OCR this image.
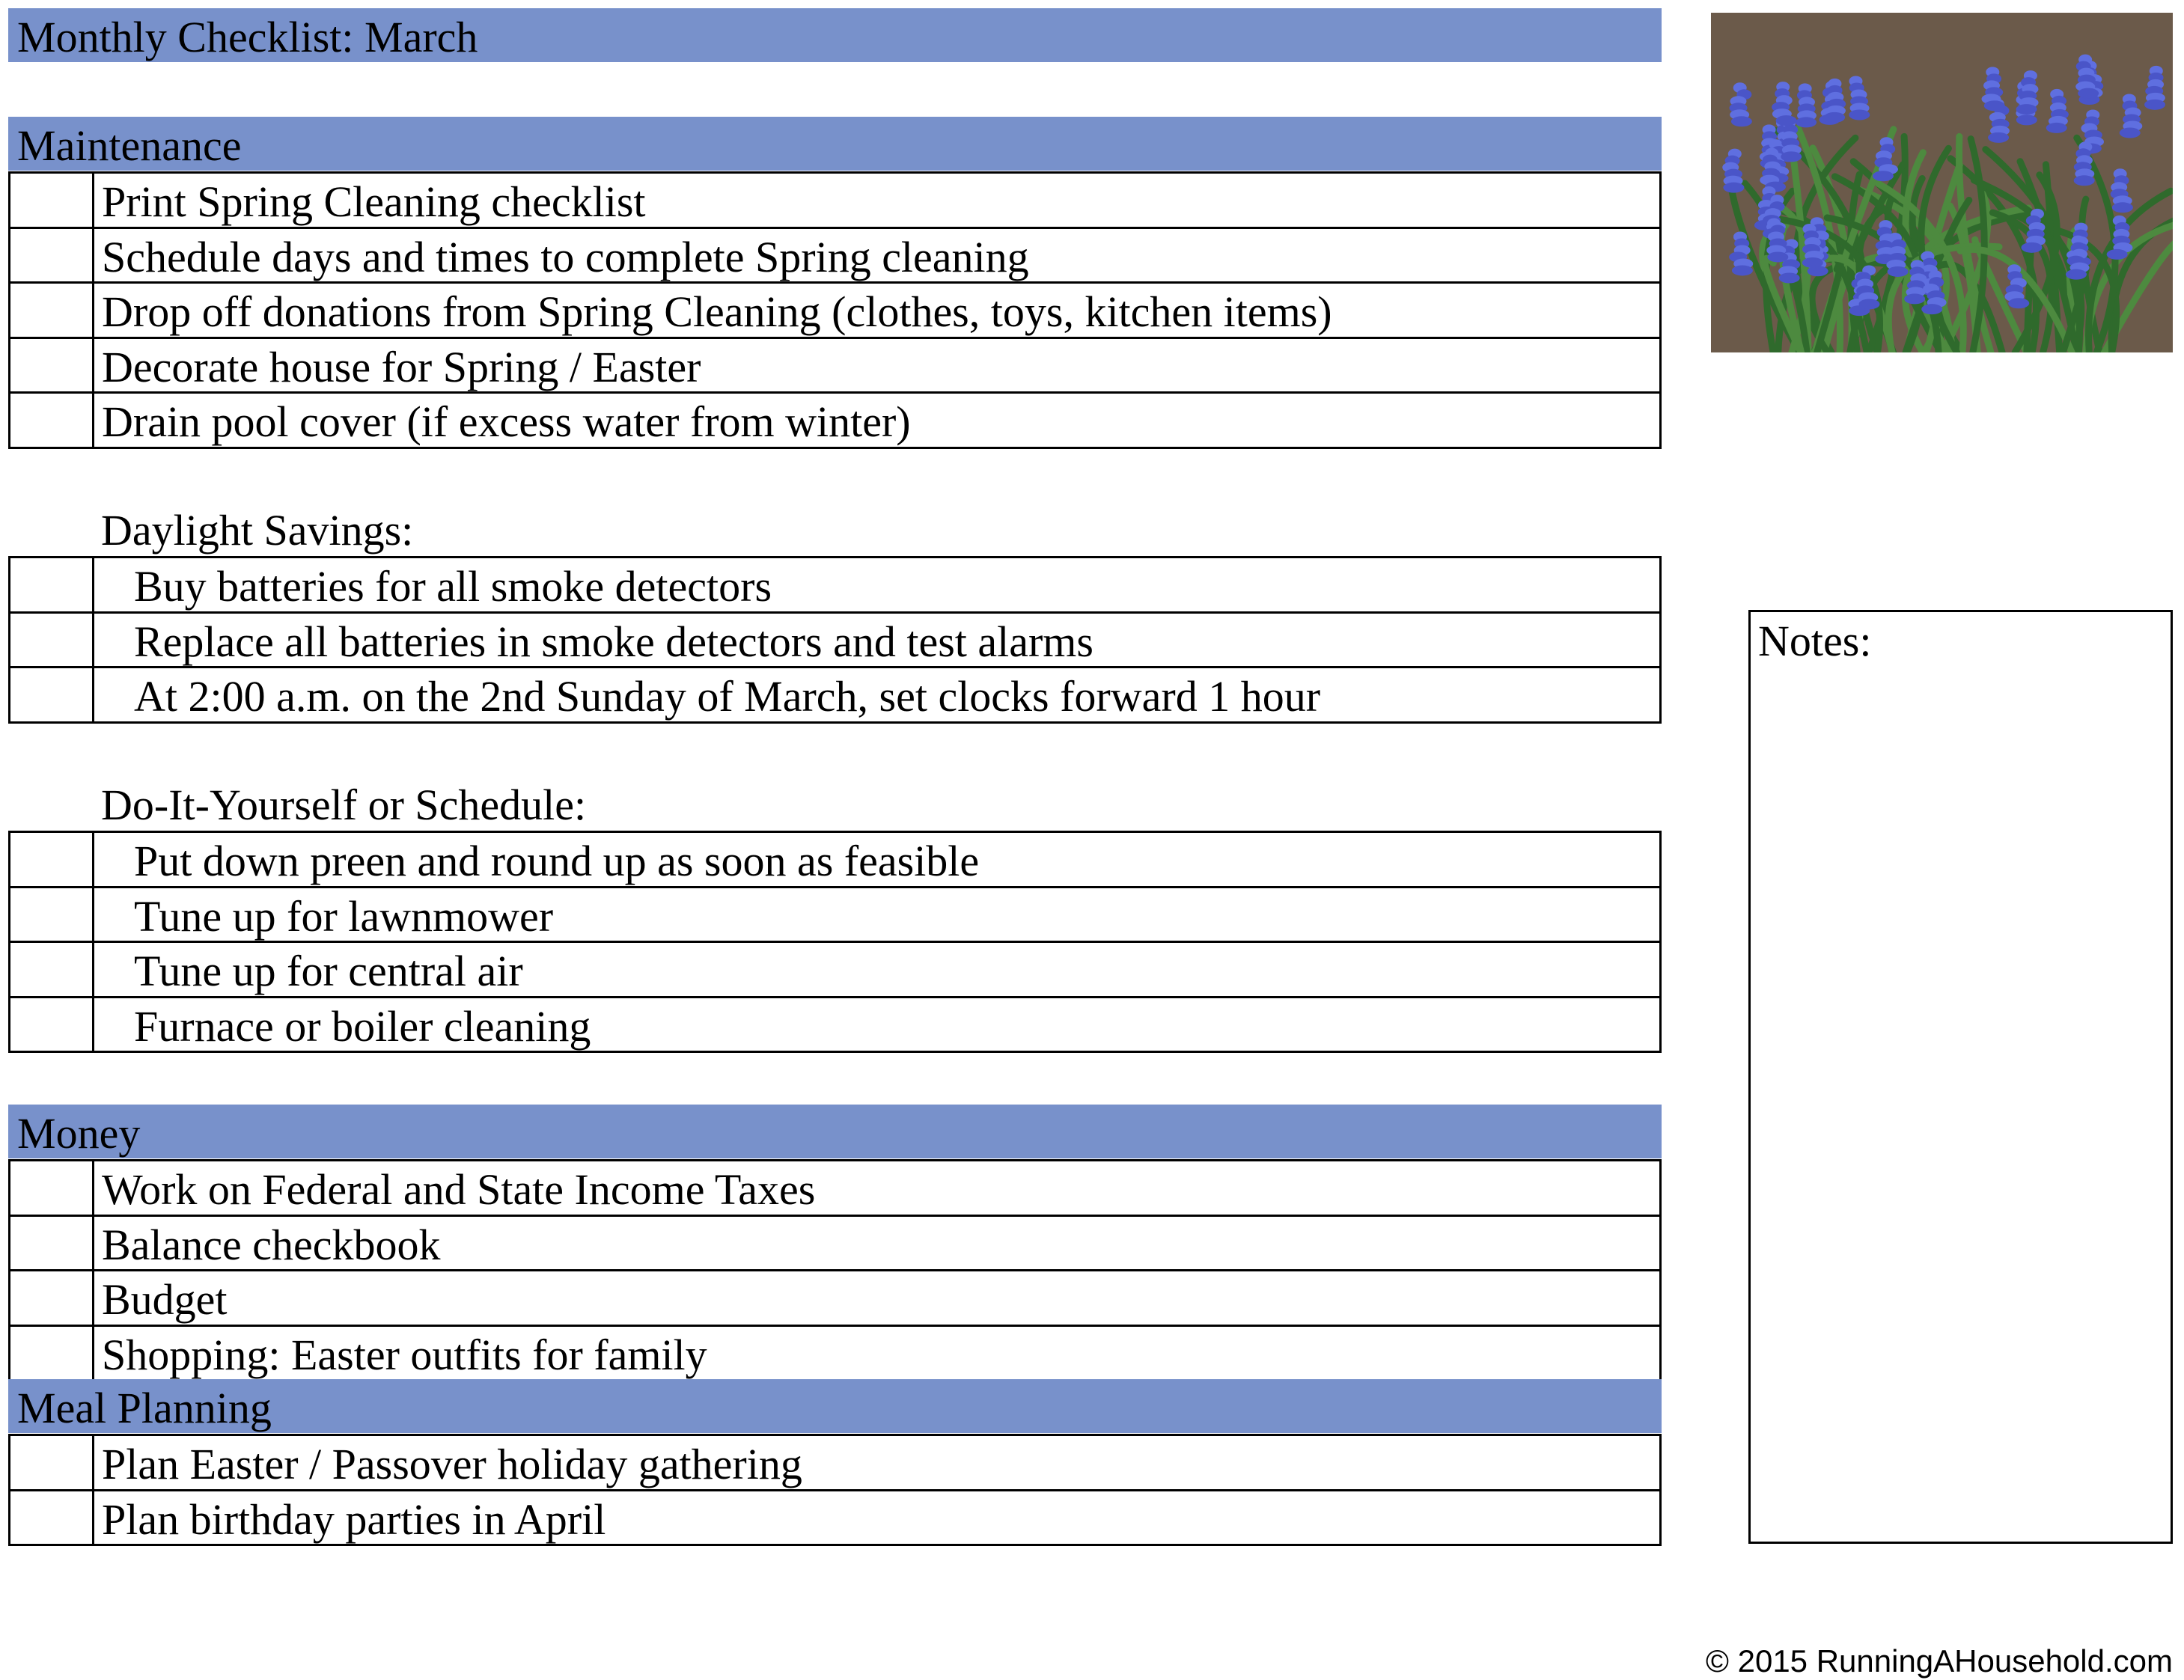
Monthly Checklist: March
Maintenance
Print Spring Cleaning checklist
Schedule days and times to complete Spring cleaning
Drop off donations from Spring Cleaning (clothes, toys, kitchen items)
Decorate house for Spring / Easter
Drain pool cover (if excess water from winter)
Daylight Savings:
Buy batteries for all smoke detectors
Replace all batteries in smoke detectors and test alarms
At 2:00 a.m. on the 2nd Sunday of March, set clocks forward 1 hour
Do-It-Yourself or Schedule:
Put down preen and round up as soon as feasible
Tune up for lawnmower
Tune up for central air
Furnace or boiler cleaning
Money
Work on Federal and State Income Taxes
Balance checkbook
Budget
Shopping: Easter outfits for family
Meal Planning
Plan Easter / Passover holiday gathering
Plan birthday parties in April
Notes:
© 2015 RunningAHousehold.com
